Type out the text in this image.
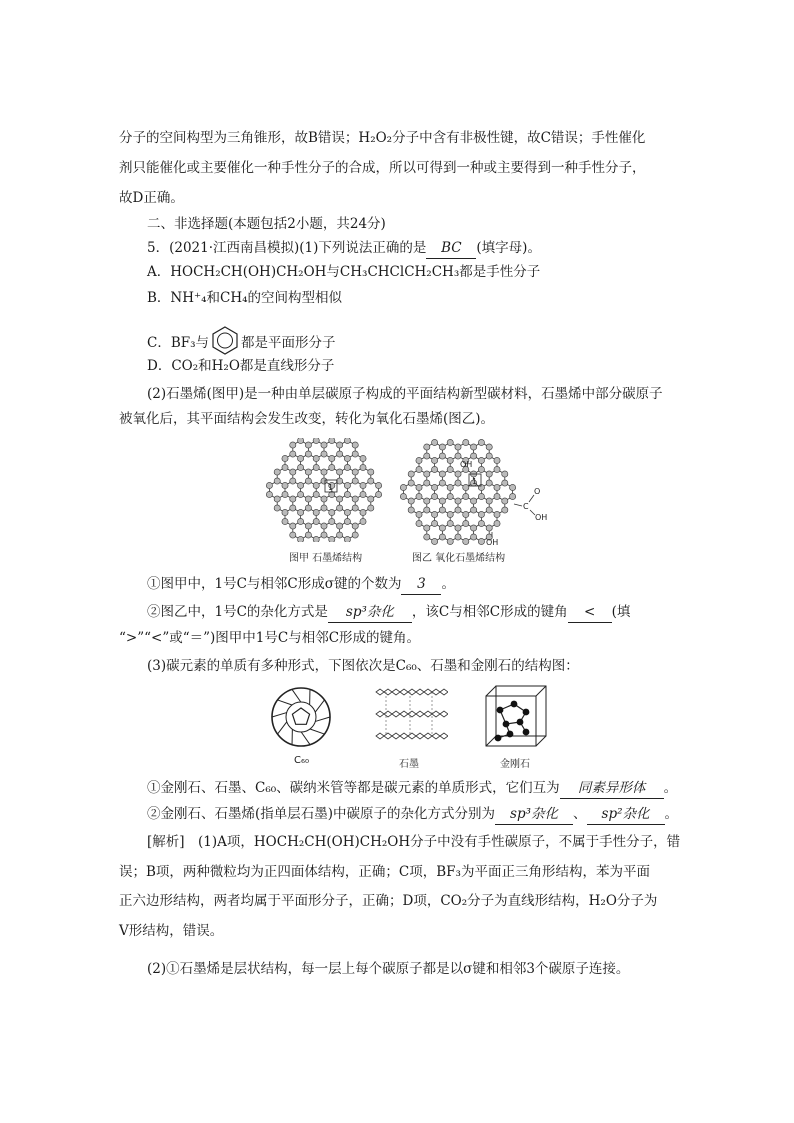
分子的空间构型为三角锥形，故B错误；H₂O₂分子中含有非极性键，故C错误；手性催化
剂只能催化或主要催化一种手性分子的合成，所以可得到一种或主要得到一种手性分子，
故D正确。
二、非选择题(本题包括2小题，共24分)
5．(2021·江西南昌模拟)(1)下列说法正确的是 BC (填字母)。
A．HOCH₂CH(OH)CH₂OH与CH₃CHClCH₂CH₃都是手性分子
B．NH⁺₄和CH₄的空间构型相似
C．BF₃与 都是平面形分子
D．CO₂和H₂O都是直线形分子
(2)石墨烯(图甲)是一种由单层碳原子构成的平面结构新型碳材料，石墨烯中部分碳原子
被氧化后，其平面结构会发生改变，转化为氧化石墨烯(图乙)。
1
图甲 石墨烯结构
1
OH
C
O
OH
OH
图乙 氧化石墨烯结构
①图甲中，1号C与相邻C形成σ键的个数为 3 。
②图乙中，1号C的杂化方式是 sp³杂化 ，该C与相邻C形成的键角 < (填
“>”“<”或“＝”)图甲中1号C与相邻C形成的键角。
(3)碳元素的单质有多种形式，下图依次是C₆₀、石墨和金刚石的结构图：
C₆₀	石墨	金刚石
①金刚石、石墨、C₆₀、碳纳米管等都是碳元素的单质形式，它们互为 同素异形体 。
②金刚石、石墨烯(指单层石墨)中碳原子的杂化方式分别为 sp³杂化 、 sp²杂化 。
[解析]　(1)A项，HOCH₂CH(OH)CH₂OH分子中没有手性碳原子，不属于手性分子，错
误；B项，两种微粒均为正四面体结构，正确；C项，BF₃为平面正三角形结构，苯为平面
正六边形结构，两者均属于平面形分子，正确；D项，CO₂分子为直线形结构，H₂O分子为
V形结构，错误。
(2)①石墨烯是层状结构，每一层上每个碳原子都是以σ键和相邻3个碳原子连接。
